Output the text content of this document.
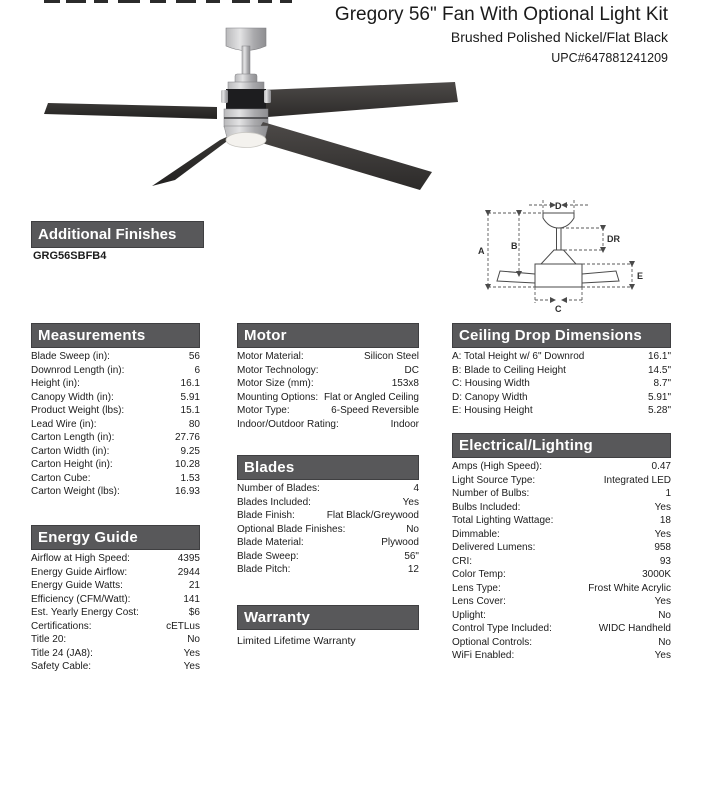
Gregory 56" Fan With Optional Light Kit
Brushed Polished Nickel/Flat Black
UPC#647881241209
Additional Finishes
GRG56SBFB4
D
A	B
DR
E
C
Measurements
Blade Sweep (in):	56
Downrod Length (in):	6
Height (in):	16.1
Canopy Width (in):	5.91
Product Weight (lbs):	15.1
Lead Wire (in):	80
Carton Length (in):	27.76
Carton Width (in):	9.25
Carton Height (in):	10.28
Carton Cube:	1.53
Carton Weight (lbs):	16.93
Energy Guide
Airflow at High Speed:	4395
Energy Guide Airflow:	2944
Energy Guide Watts:	21
Efficiency (CFM/Watt):	141
Est. Yearly Energy Cost:	$6
Certifications:	cETLus
Title 20:	No
Title 24 (JA8):	Yes
Safety Cable:	Yes
Motor
Motor Material:	Silicon Steel
Motor Technology:	DC
Motor Size (mm):	153x8
Mounting Options: Flat or Angled Ceiling
Motor Type:	6-Speed Reversible
Indoor/Outdoor Rating:	Indoor
Blades
Number of Blades:	4
Blades Included:	Yes
Blade Finish:	Flat Black/Greywood
Optional Blade Finishes:	No
Blade Material:	Plywood
Blade Sweep:	56"
Blade Pitch:	12
Warranty
Limited Lifetime Warranty
Ceiling Drop Dimensions
A: Total Height w/ 6" Downrod	16.1"
B: Blade to Ceiling Height	14.5"
C: Housing Width	8.7"
D: Canopy Width	5.91"
E: Housing Height	5.28"
Electrical/Lighting
Amps (High Speed):	0.47
Light Source Type:	Integrated LED
Number of Bulbs:	1
Bulbs Included:	Yes
Total Lighting Wattage:	18
Dimmable:	Yes
Delivered Lumens:	958
CRI:	93
Color Temp:	3000K
Lens Type:	Frost White Acrylic
Lens Cover:	Yes
Uplight:	No
Control Type Included:	WIDC Handheld
Optional Controls:	No
WiFi Enabled:	Yes
